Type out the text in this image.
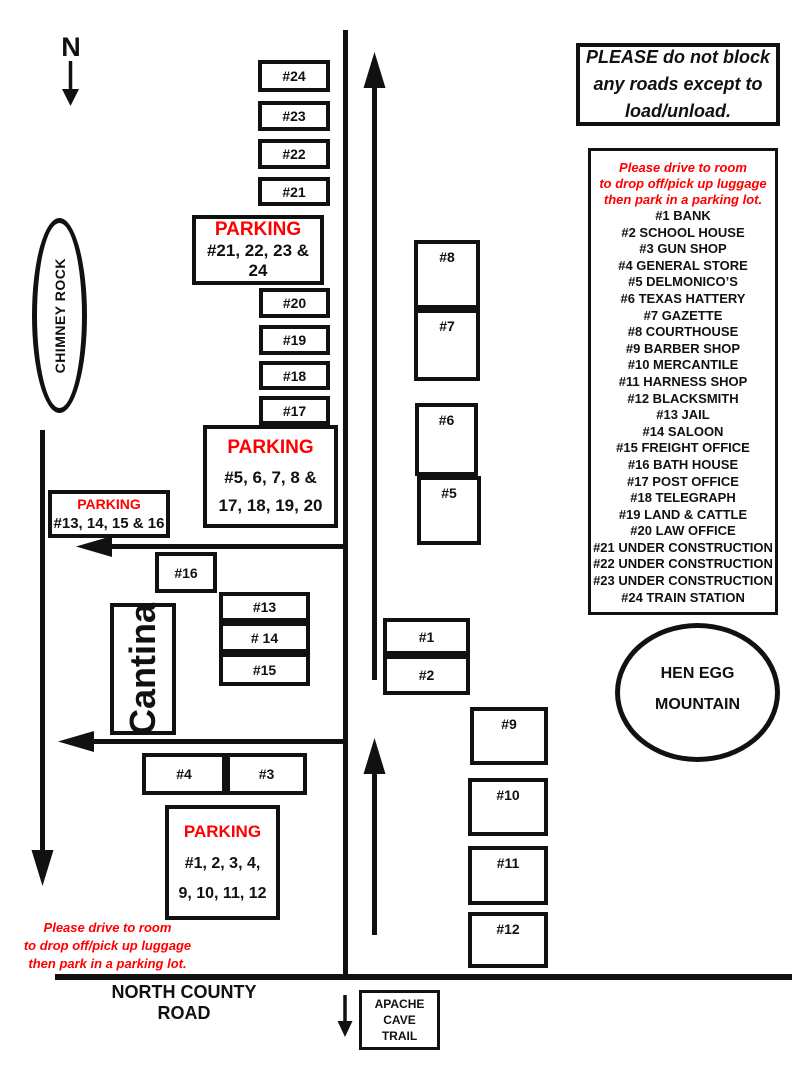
N
CHIMNEY ROCK
HEN EGG
MOUNTAIN
Cantina
PLEASE do not block
any roads except to
load/unload.
Please drive to room
to drop off/pick up luggage
then park in a parking lot.
#1 BANK
#2 SCHOOL HOUSE
#3 GUN SHOP
#4 GENERAL STORE
#5 DELMONICO’S
#6 TEXAS HATTERY
#7 GAZETTE
#8 COURTHOUSE
#9 BARBER SHOP
#10 MERCANTILE
#11 HARNESS SHOP
#12 BLACKSMITH
#13 JAIL
#14 SALOON
#15 FREIGHT OFFICE
#16 BATH HOUSE
#17 POST OFFICE
#18 TELEGRAPH
#19 LAND & CATTLE
#20 LAW OFFICE
#21 UNDER CONSTRUCTION
#22 UNDER CONSTRUCTION
#23 UNDER CONSTRUCTION
#24 TRAIN STATION
#24
#23
#22
#21
#20
#19
#18
#17
#16
#13
# 14
#15
#4	#3
#8
#7
#6
#5
#1
#2
#9
#10
#11
#12
PARKING
#21, 22, 23 & 24
PARKING
#5, 6, 7, 8 &
17, 18, 19, 20
PARKING
#13, 14, 15 & 16
PARKING
#1, 2, 3, 4,
9, 10, 11, 12
Please drive to room
to drop off/pick up luggage
then park in a parking lot.
NORTH COUNTY ROAD	APACHE
CAVE
TRAIL
